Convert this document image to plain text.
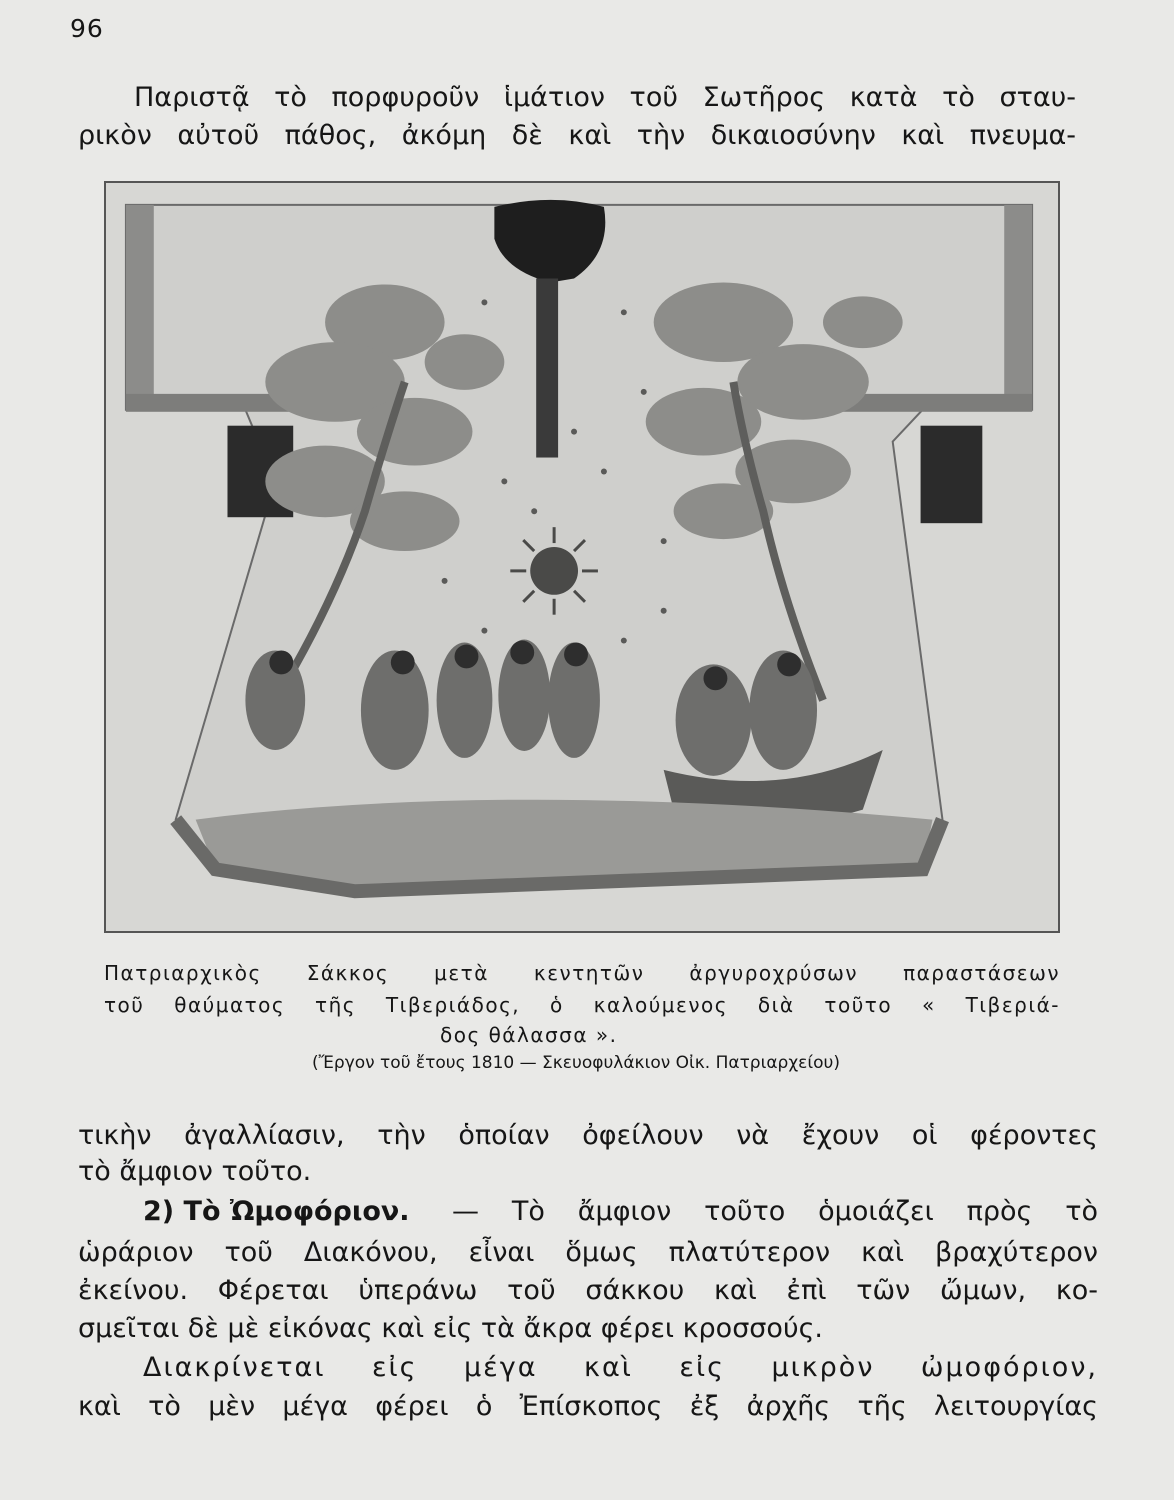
96
Παριστᾷ τὸ πορφυροῦν ἱμάτιον τοῦ Σωτῆρος κατὰ τὸ σταυ-
ρικὸν αὐτοῦ πάθος, ἀκόμη δὲ καὶ τὴν δικαιοσύνην καὶ πνευμα-
Πατριαρχικὸς Σάκκος μετὰ κεντητῶν ἀργυροχρύσων παραστάσεων
τοῦ θαύματος τῆς Τιβεριάδος, ὁ καλούμενος διὰ τοῦτο « Τιβεριά-
δος θάλασσα ».
(Ἔργον τοῦ ἔτους 1810 — Σκευοφυλάκιον Οἰκ. Πατριαρχείου)
τικὴν ἀγαλλίασιν, τὴν ὁποίαν ὀφείλουν νὰ ἔχουν οἱ φέροντες
τὸ ἄμφιον τοῦτο.
2) Τὸ Ὠμοφόριον.	— Τὸ ἄμφιον τοῦτο ὁμοιάζει πρὸς τὸ
ὡράριον τοῦ Διακόνου, εἶναι ὅμως πλατύτερον καὶ βραχύτερον
ἐκείνου. Φέρεται ὑπεράνω τοῦ σάκκου καὶ ἐπὶ τῶν ὤμων, κο-
σμεῖται δὲ μὲ εἰκόνας καὶ εἰς τὰ ἄκρα φέρει κροσσούς.
Διακρίνεται εἰς μέγα καὶ εἰς μικρὸν ὠμοφόριον,
καὶ τὸ μὲν μέγα φέρει ὁ Ἐπίσκοπος ἐξ ἀρχῆς τῆς λειτουργίας
